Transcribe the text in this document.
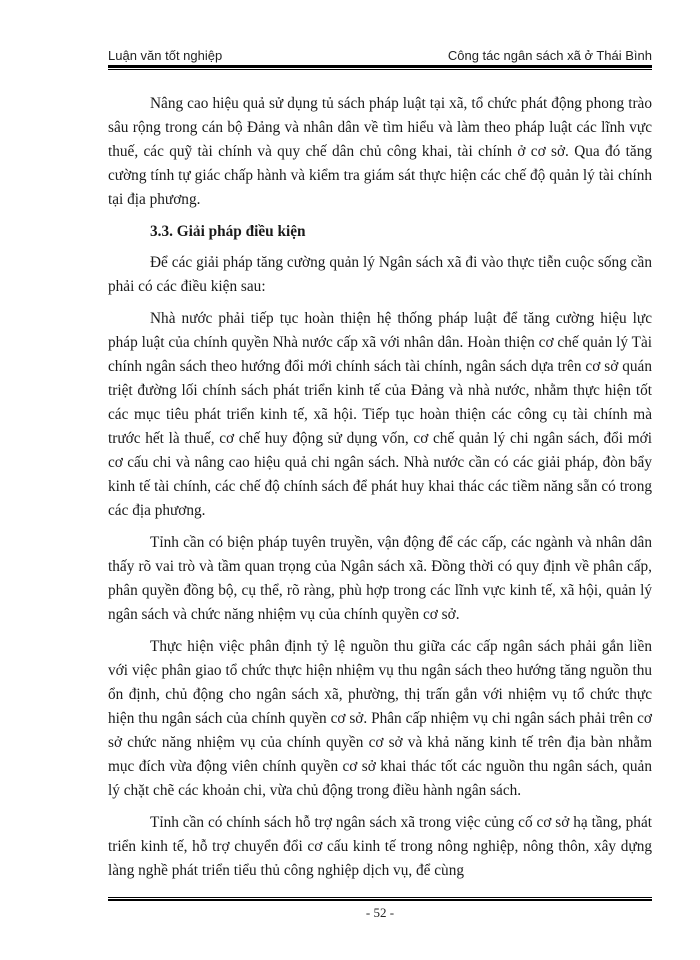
Luận văn tốt nghiệp	Công tác ngân sách xã ở Thái Bình

Nâng cao hiệu quả sử dụng tủ sách pháp luật tại xã, tổ chức phát động phong trào sâu rộng trong cán bộ Đảng và nhân dân về tìm hiểu và làm theo pháp luật các lĩnh vực thuế, các quỹ tài chính và quy chế dân chủ công khai, tài chính ở cơ sở. Qua đó tăng cường tính tự giác chấp hành và kiểm tra giám sát thực hiện các chế độ quản lý tài chính tại địa phương.

3.3. Giải pháp điều kiện

Để các giải pháp tăng cường quản lý Ngân sách xã đi vào thực tiễn cuộc sống cần phải có các điều kiện sau:

Nhà nước phải tiếp tục hoàn thiện hệ thống pháp luật để tăng cường hiệu lực pháp luật của chính quyền Nhà nước cấp xã với nhân dân. Hoàn thiện cơ chế quản lý Tài chính ngân sách theo hướng đổi mới chính sách tài chính, ngân sách dựa trên cơ sở quán triệt đường lối chính sách phát triển kinh tế của Đảng và nhà nước, nhằm thực hiện tốt các mục tiêu phát triển kinh tế, xã hội. Tiếp tục hoàn thiện các công cụ tài chính mà trước hết là thuế, cơ chế huy động sử dụng vốn, cơ chế quản lý chi ngân sách, đổi mới cơ cấu chi và nâng cao hiệu quả chi ngân sách. Nhà nước cần có các giải pháp, đòn bẩy kinh tế tài chính, các chế độ chính sách để phát huy khai thác các tiềm năng sẵn có trong các địa phương.

Tỉnh cần có biện pháp tuyên truyền, vận động để các cấp, các ngành và nhân dân thấy rõ vai trò và tầm quan trọng của Ngân sách xã. Đồng thời có quy định về phân cấp, phân quyền đồng bộ, cụ thể, rõ ràng, phù hợp trong các lĩnh vực kinh tế, xã hội, quản lý ngân sách và chức năng nhiệm vụ của chính quyền cơ sở.

Thực hiện việc phân định tỷ lệ nguồn thu giữa các cấp ngân sách phải gắn liền với việc phân giao tổ chức thực hiện nhiệm vụ thu ngân sách theo hướng tăng nguồn thu ổn định, chủ động cho ngân sách xã, phường, thị trấn gắn với nhiệm vụ tổ chức thực hiện thu ngân sách của chính quyền cơ sở. Phân cấp nhiệm vụ chi ngân sách phải trên cơ sở chức năng nhiệm vụ của chính quyền cơ sở và khả năng kinh tế trên địa bàn nhằm mục đích vừa động viên chính quyền cơ sở khai thác tốt các nguồn thu ngân sách, quản lý chặt chẽ các khoản chi, vừa chủ động trong điều hành ngân sách.

Tỉnh cần có chính sách hỗ trợ ngân sách xã trong việc củng cố cơ sở hạ tầng, phát triển kinh tế, hỗ trợ chuyển đổi cơ cấu kinh tế trong nông nghiệp, nông thôn, xây dựng làng nghề phát triển tiểu thủ công nghiệp dịch vụ, để cùng

- 52 -
